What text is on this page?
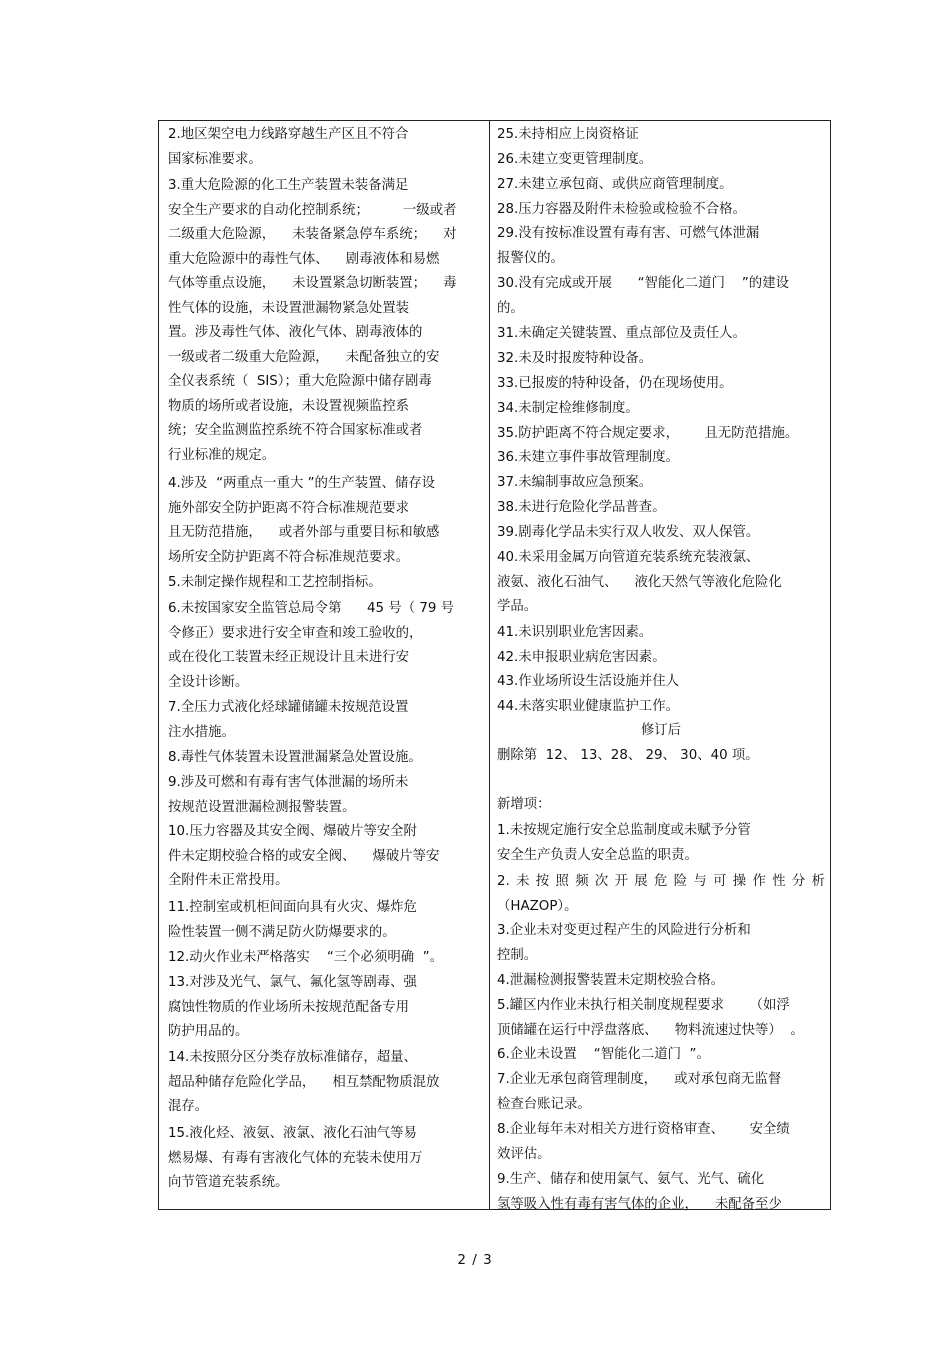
2.地区架空电力线路穿越生产区且不符合
国家标准要求。
3.重大危险源的化工生产装置未装备满足
安全生产要求的自动化控制系统；        一级或者
二级重大危险源，    未装备紧急停车系统；    对
重大危险源中的毒性气体、    剧毒液体和易燃
气体等重点设施，    未设置紧急切断装置；    毒
性气体的设施，未设置泄漏物紧急处置装
置。涉及毒性气体、液化气体、剧毒液体的
一级或者二级重大危险源，    未配备独立的安
全仪表系统（  SIS）；重大危险源中储存剧毒
物质的场所或者设施，未设置视频监控系
统；安全监测监控系统不符合国家标准或者
行业标准的规定。
4.涉及  “两重点一重大 ”的生产装置、储存设
施外部安全防护距离不符合标准规范要求
且无防范措施，    或者外部与重要目标和敏感
场所安全防护距离不符合标准规范要求。
5.未制定操作规程和工艺控制指标。
6.未按国家安全监管总局令第      45 号（ 79 号
令修正）要求进行安全审查和竣工验收的，
或在役化工装置未经正规设计且未进行安
全设计诊断。
7.全压力式液化烃球罐储罐未按规范设置
注水措施。
8.毒性气体装置未设置泄漏紧急处置设施。
9.涉及可燃和有毒有害气体泄漏的场所未
按规范设置泄漏检测报警装置。
10.压力容器及其安全阀、爆破片等安全附
件未定期校验合格的或安全阀、    爆破片等安
全附件未正常投用。
11.控制室或机柜间面向具有火灾、爆炸危
险性装置一侧不满足防火防爆要求的。
12.动火作业未严格落实    “三个必须明确  ”。
13.对涉及光气、氯气、氟化氢等剧毒、强
腐蚀性物质的作业场所未按规范配备专用
防护用品的。
14.未按照分区分类存放标准储存，超量、
超品种储存危险化学品，    相互禁配物质混放
混存。
15.液化烃、液氨、液氯、液化石油气等易
燃易爆、有毒有害液化气体的充装未使用万
向节管道充装系统。
25.未持相应上岗资格证
26.未建立变更管理制度。
27.未建立承包商、或供应商管理制度。
28.压力容器及附件未检验或检验不合格。
29.没有按标准设置有毒有害、可燃气体泄漏
报警仪的。
30.没有完成或开展      “智能化二道门    ”的建设
的。
31.未确定关键装置、重点部位及责任人。
32.未及时报废特种设备。
33.已报废的特种设备，仍在现场使用。
34.未制定检维修制度。
35.防护距离不符合规定要求，      且无防范措施。
36.未建立事件事故管理制度。
37.未编制事故应急预案。
38.未进行危险化学品普查。
39.剧毒化学品未实行双人收发、双人保管。
40.未采用金属万向管道充装系统充装液氯、
液氨、液化石油气、    液化天然气等液化危险化
学品。
41.未识别职业危害因素。
42.未申报职业病危害因素。
43.作业场所设生活设施并住人
44.未落实职业健康监护工作。
修订后
删除第  12、 13、28、 29、 30、40 项。
新增项：
1.未按规定施行安全总监制度或未赋予分管
安全生产负责人安全总监的职责。
2.未按照频次开展危险与可操作性分析
（HAZOP）。
3.企业未对变更过程产生的风险进行分析和
控制。
4.泄漏检测报警装置未定期校验合格。
5.罐区内作业未执行相关制度规程要求      （如浮
顶储罐在运行中浮盘落底、    物料流速过快等）  。
6.企业未设置    “智能化二道门  ”。
7.企业无承包商管理制度，    或对承包商无监督
检查台账记录。
8.企业每年未对相关方进行资格审查、      安全绩
效评估。
9.生产、储存和使用氯气、氨气、光气、硫化
氢等吸入性有毒有害气体的企业，    未配备至少
2 / 3
